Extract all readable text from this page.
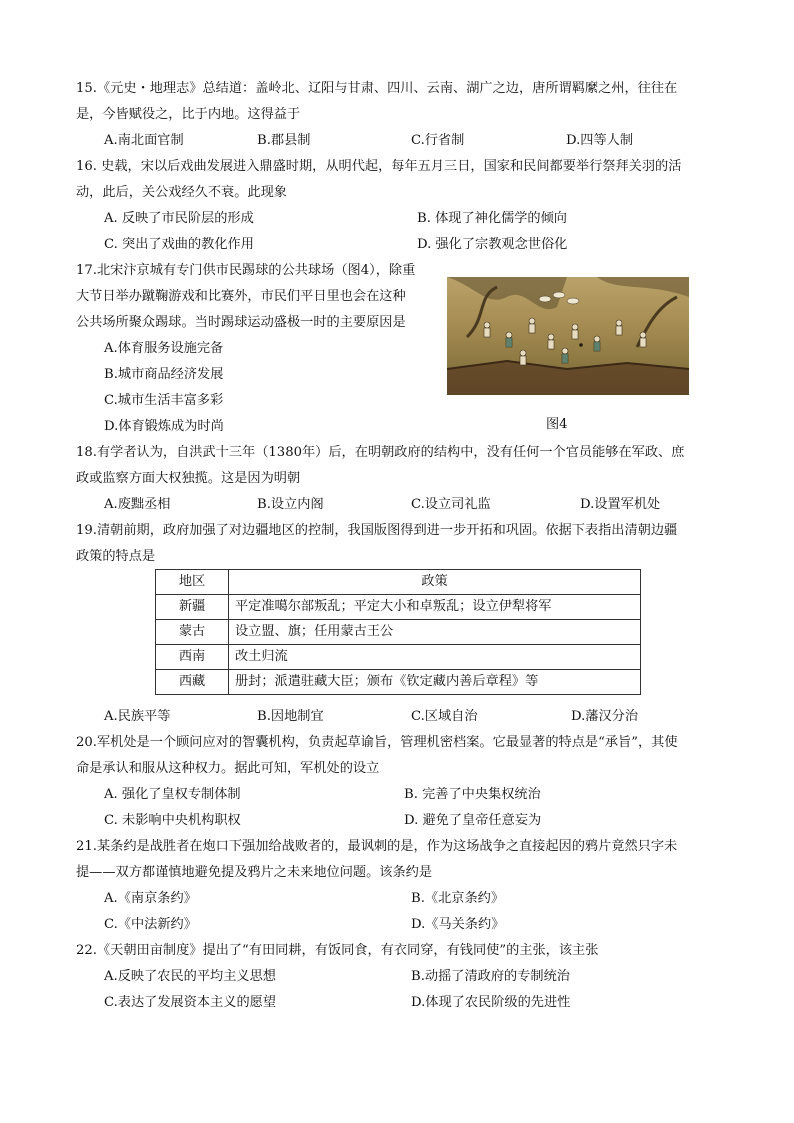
15.《元史・地理志》总结道：盖岭北、辽阳与甘肃、四川、云南、湖广之边，唐所谓羁縻之州，往往在
是，今皆赋役之，比于内地。这得益于
A.南北面官制	B.郡县制	C.行省制	D.四等人制
16. 史载，宋以后戏曲发展进入鼎盛时期，从明代起，每年五月三日，国家和民间都要举行祭拜关羽的活
动，此后，关公戏经久不衰。此现象
A. 反映了市民阶层的形成	B. 体现了神化儒学的倾向
C. 突出了戏曲的教化作用	D. 强化了宗教观念世俗化
17.北宋汴京城有专门供市民踢球的公共球场（图4），除重
大节日举办蹴鞠游戏和比赛外，市民们平日里也会在这种
公共场所聚众踢球。当时踢球运动盛极一时的主要原因是
A.体育服务设施完备
B.城市商品经济发展
C.城市生活丰富多彩
D.体育锻炼成为时尚	图4
18.有学者认为，自洪武十三年（1380年）后，在明朝政府的结构中，没有任何一个官员能够在军政、庶
政或监察方面大权独揽。这是因为明朝
A.废黜丞相	B.设立内阁	C.设立司礼监	D.设置军机处
19.清朝前期，政府加强了对边疆地区的控制，我国版图得到进一步开拓和巩固。依据下表指出清朝边疆
政策的特点是
地区	政策
新疆	平定准噶尔部叛乱；平定大小和卓叛乱；设立伊犁将军
蒙古	设立盟、旗；任用蒙古王公
西南	改土归流
西藏	册封；派遣驻藏大臣；颁布《钦定藏内善后章程》等
A.民族平等	B.因地制宜	C.区域自治	D.藩汉分治
20.军机处是一个顾问应对的智囊机构，负责起草谕旨，管理机密档案。它最显著的特点是“承旨”，其使
命是承认和服从这种权力。据此可知，军机处的设立
A. 强化了皇权专制体制	B. 完善了中央集权统治
C. 未影响中央机构职权	D. 避免了皇帝任意妄为
21.某条约是战胜者在炮口下强加给战败者的，最讽刺的是，作为这场战争之直接起因的鸦片竟然只字未
提——双方都谨慎地避免提及鸦片之未来地位问题。该条约是
A.《南京条约》	B.《北京条约》
C.《中法新约》	D.《马关条约》
22.《天朝田亩制度》提出了“有田同耕，有饭同食，有衣同穿，有钱同使”的主张，该主张
A.反映了农民的平均主义思想	B.动摇了清政府的专制统治
C.表达了发展资本主义的愿望	D.体现了农民阶级的先进性
